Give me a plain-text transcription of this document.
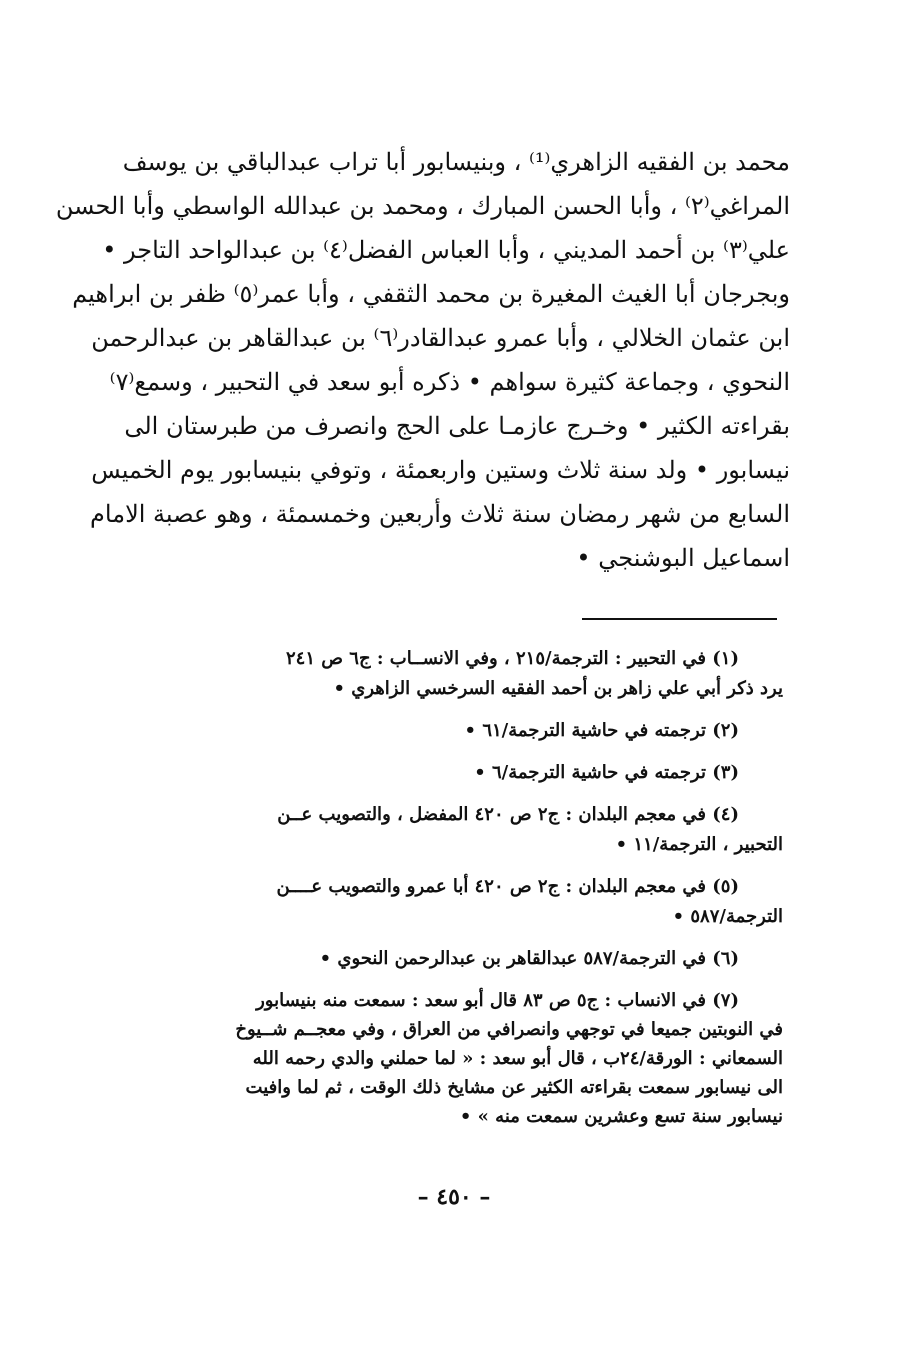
محمد بن الفقيه الزاهري⁽¹⁾ ، وبنيسابور أبا تراب عبدالباقي بن يوسف
المراغي⁽٢⁾ ، وأبا الحسن المبارك ، ومحمد بن عبدالله الواسطي وأبا الحسن
علي⁽٣⁾ بن أحمد المديني ، وأبا العباس الفضل⁽٤⁾ بن عبدالواحد التاجر •
وبجرجان أبا الغيث المغيرة بن محمد الثقفي ، وأبا عمر⁽٥⁾ ظفر بن ابراهيم
ابن عثمان الخلالي ، وأبا عمرو عبدالقادر⁽٦⁾ بن عبدالقاهر بن عبدالرحمن
النحوي ، وجماعة كثيرة سواهم • ذكره أبو سعد في التحبير ، وسمع⁽٧⁾
بقراءته الكثير • وخـرج عازمـا على الحج وانصرف من طبرستان الى
نيسابور • ولد سنة ثلاث وستين واربعمئة ، وتوفي بنيسابور يوم الخميس
السابع من شهر رمضان سنة ثلاث وأربعين وخمسمئة ، وهو عصبة الامام
اسماعيل البوشنجي •
(١) في التحبير : الترجمة/٢١٥ ، وفي الانســاب : ج٦ ص ٢٤١
يرد ذكر أبي علي زاهر بن أحمد الفقيه السرخسي الزاهري •
(٢) ترجمته في حاشية الترجمة/٦١ •
(٣) ترجمته في حاشية الترجمة/٦ •
(٤) في معجم البلدان : ج٢ ص ٤٢٠ المفضل ، والتصويب عــن
التحبير ، الترجمة/١١ •
(٥) في معجم البلدان : ج٢ ص ٤٢٠ أبا عمرو والتصويب عــــن
الترجمة/٥٨٧ •
(٦) في الترجمة/٥٨٧ عبدالقاهر بن عبدالرحمن النحوي •
(٧) في الانساب : ج٥ ص ٨٣ قال أبو سعد : سمعت منه بنيسابور
في النوبتين جميعا في توجهي وانصرافي من العراق ، وفي معجــم شــيوخ
السمعاني : الورقة/٢٤ب ، قال أبو سعد : « لما حملني والدي رحمه الله
الى نيسابور سمعت بقراءته الكثير عن مشايخ ذلك الوقت ، ثم لما وافيت
نيسابور سنة تسع وعشرين سمعت منه » •
– ٤٥٠ –
